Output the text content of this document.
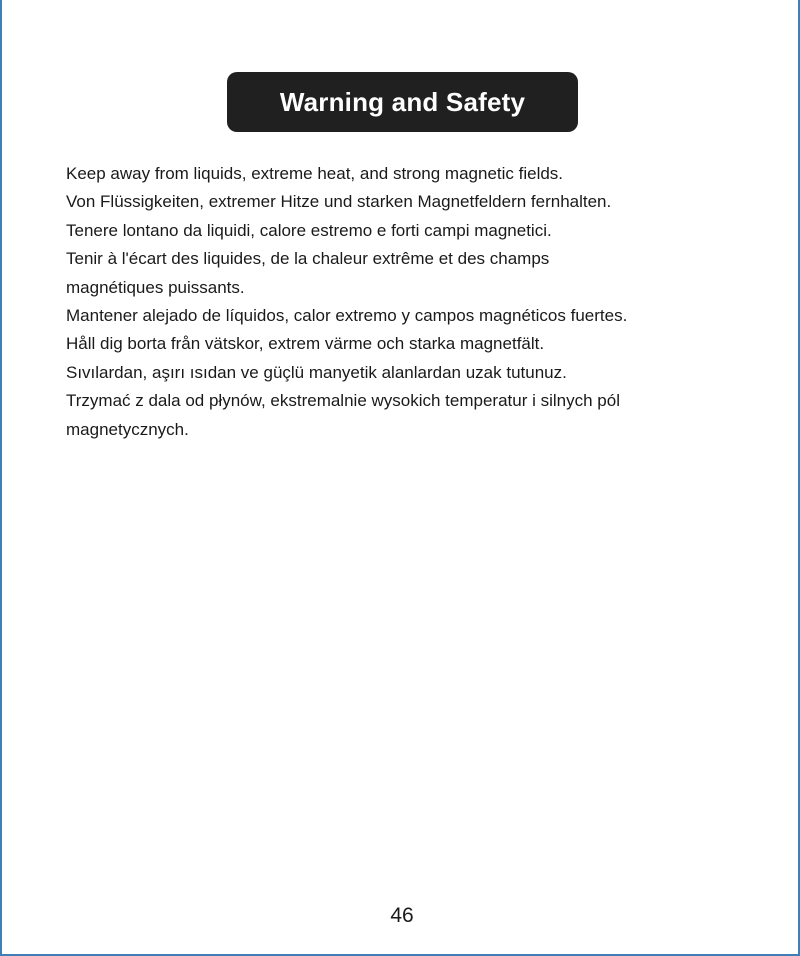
Warning and Safety
Keep away from liquids, extreme heat, and strong magnetic fields.
Von Flüssigkeiten, extremer Hitze und starken Magnetfeldern fernhalten.
Tenere lontano da liquidi, calore estremo e forti campi magnetici.
Tenir à l'écart des liquides, de la chaleur extrême et des champs
magnétiques puissants.
Mantener alejado de líquidos, calor extremo y campos magnéticos fuertes.
Håll dig borta från vätskor, extrem värme och starka magnetfält.
Sıvılardan, aşırı ısıdan ve güçlü manyetik alanlardan uzak tutunuz.
Trzymać z dala od płynów, ekstremalnie wysokich temperatur i silnych pól
magnetycznych.
46
